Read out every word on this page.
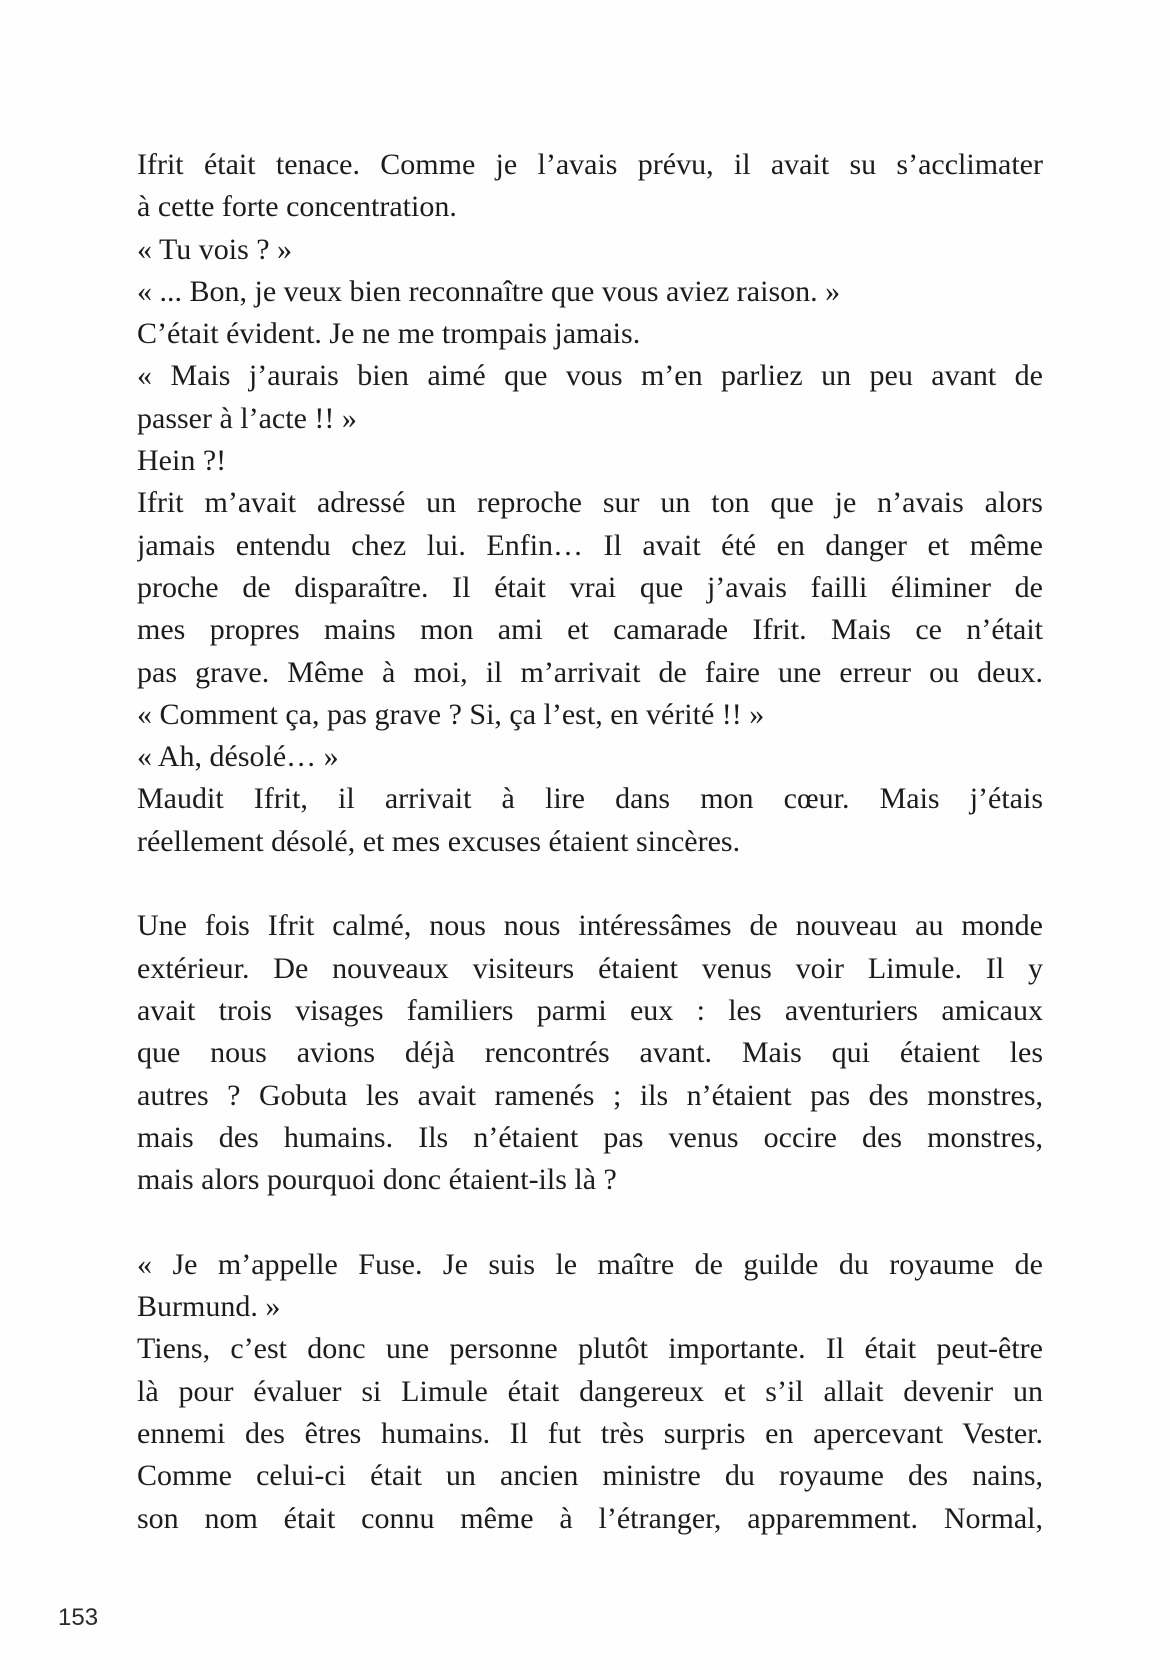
Ifrit était tenace. Comme je l’avais prévu, il avait su s’acclimater
à cette forte concentration.
« Tu vois ? »
« ... Bon, je veux bien reconnaître que vous aviez raison. »
C’était évident. Je ne me trompais jamais.
« Mais j’aurais bien aimé que vous m’en parliez un peu avant de
passer à l’acte !! »
Hein ?!
Ifrit m’avait adressé un reproche sur un ton que je n’avais alors
jamais entendu chez lui. Enfin… Il avait été en danger et même
proche de disparaître. Il était vrai que j’avais failli éliminer de
mes propres mains mon ami et camarade Ifrit. Mais ce n’était
pas grave. Même à moi, il m’arrivait de faire une erreur ou deux.
« Comment ça, pas grave ? Si, ça l’est, en vérité !! »
« Ah, désolé… »
Maudit Ifrit, il arrivait à lire dans mon cœur. Mais j’étais
réellement désolé, et mes excuses étaient sincères.
Une fois Ifrit calmé, nous nous intéressâmes de nouveau au monde
extérieur. De nouveaux visiteurs étaient venus voir Limule. Il y
avait trois visages familiers parmi eux : les aventuriers amicaux
que nous avions déjà rencontrés avant. Mais qui étaient les
autres ? Gobuta les avait ramenés ; ils n’étaient pas des monstres,
mais des humains. Ils n’étaient pas venus occire des monstres,
mais alors pourquoi donc étaient-ils là ?
« Je m’appelle Fuse. Je suis le maître de guilde du royaume de
Burmund. »
Tiens, c’est donc une personne plutôt importante. Il était peut-être
là pour évaluer si Limule était dangereux et s’il allait devenir un
ennemi des êtres humains. Il fut très surpris en apercevant Vester.
Comme celui-ci était un ancien ministre du royaume des nains,
son nom était connu même à l’étranger, apparemment. Normal,
153
